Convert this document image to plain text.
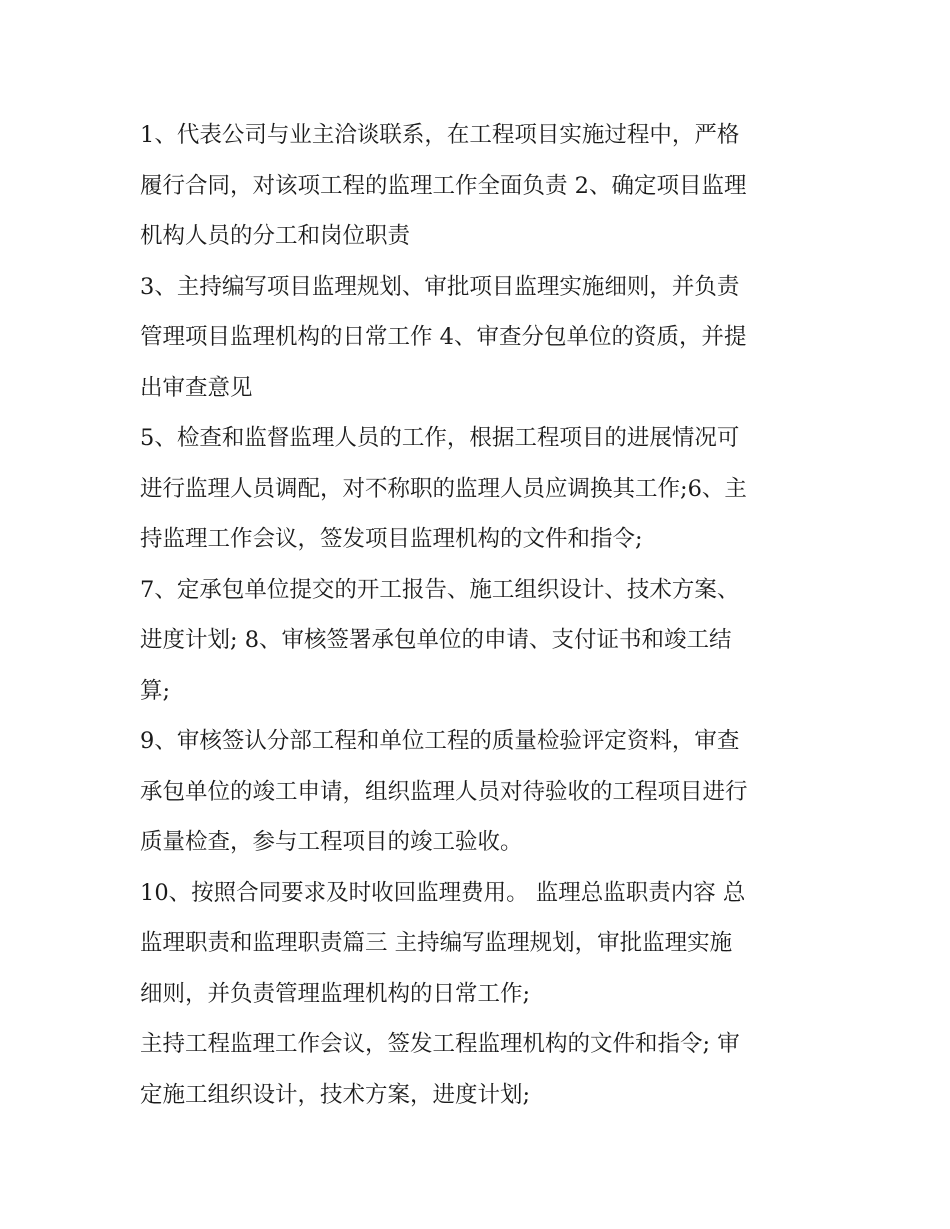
1、代表公司与业主洽谈联系，在工程项目实施过程中，严格
履行合同，对该项工程的监理工作全面负责 2、确定项目监理
机构人员的分工和岗位职责

3、主持编写项目监理规划、审批项目监理实施细则，并负责
管理项目监理机构的日常工作 4、审查分包单位的资质，并提
出审查意见

5、检查和监督监理人员的工作，根据工程项目的进展情况可
进行监理人员调配，对不称职的监理人员应调换其工作;6、主
持监理工作会议，签发项目监理机构的文件和指令;

7、定承包单位提交的开工报告、施工组织设计、技术方案、
进度计划; 8、审核签署承包单位的申请、支付证书和竣工结
算;

9、审核签认分部工程和单位工程的质量检验评定资料，审查
承包单位的竣工申请，组织监理人员对待验收的工程项目进行
质量检查，参与工程项目的竣工验收。

10、按照合同要求及时收回监理费用。 监理总监职责内容 总
监理职责和监理职责篇三 主持编写监理规划，审批监理实施
细则，并负责管理监理机构的日常工作;

主持工程监理工作会议，签发工程监理机构的文件和指令; 审
定施工组织设计，技术方案，进度计划;
